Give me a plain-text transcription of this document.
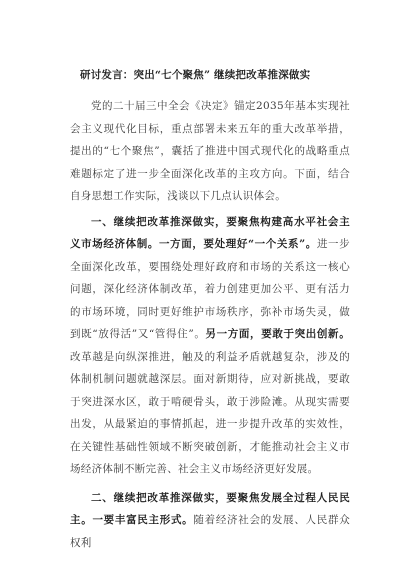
研讨发言：突出“七个聚焦” 继续把改革推深做实

党的二十届三中全会《决定》锚定2035年基本实现社会主义现代化目标，重点部署未来五年的重大改革举措，提出的“七个聚焦”，囊括了推进中国式现代化的战略重点难题标定了进一步全面深化改革的主攻方向。下面，结合自身思想工作实际，浅谈以下几点认识体会。

一、继续把改革推深做实，要聚焦构建高水平社会主义市场经济体制。一方面，要处理好“一个关系”。进一步全面深化改革，要围绕处理好政府和市场的关系这一核心问题，深化经济体制改革，着力创建更加公平、更有活力的市场环境，同时更好维护市场秩序，弥补市场失灵，做到既“放得活”又“管得住”。另一方面，要敢于突出创新。改革越是向纵深推进，触及的利益矛盾就越复杂，涉及的体制机制问题就越深层。面对新期待，应对新挑战，要敢于突进深水区，敢于啃硬骨头，敢于涉险滩。从现实需要出发，从最紧迫的事情抓起，进一步提升改革的实效性，在关键性基础性领域不断突破创新，才能推动社会主义市场经济体制不断完善、社会主义市场经济更好发展。

二、继续把改革推深做实，要聚焦发展全过程人民民主。一要丰富民主形式。随着经济社会的发展、人民群众权利
